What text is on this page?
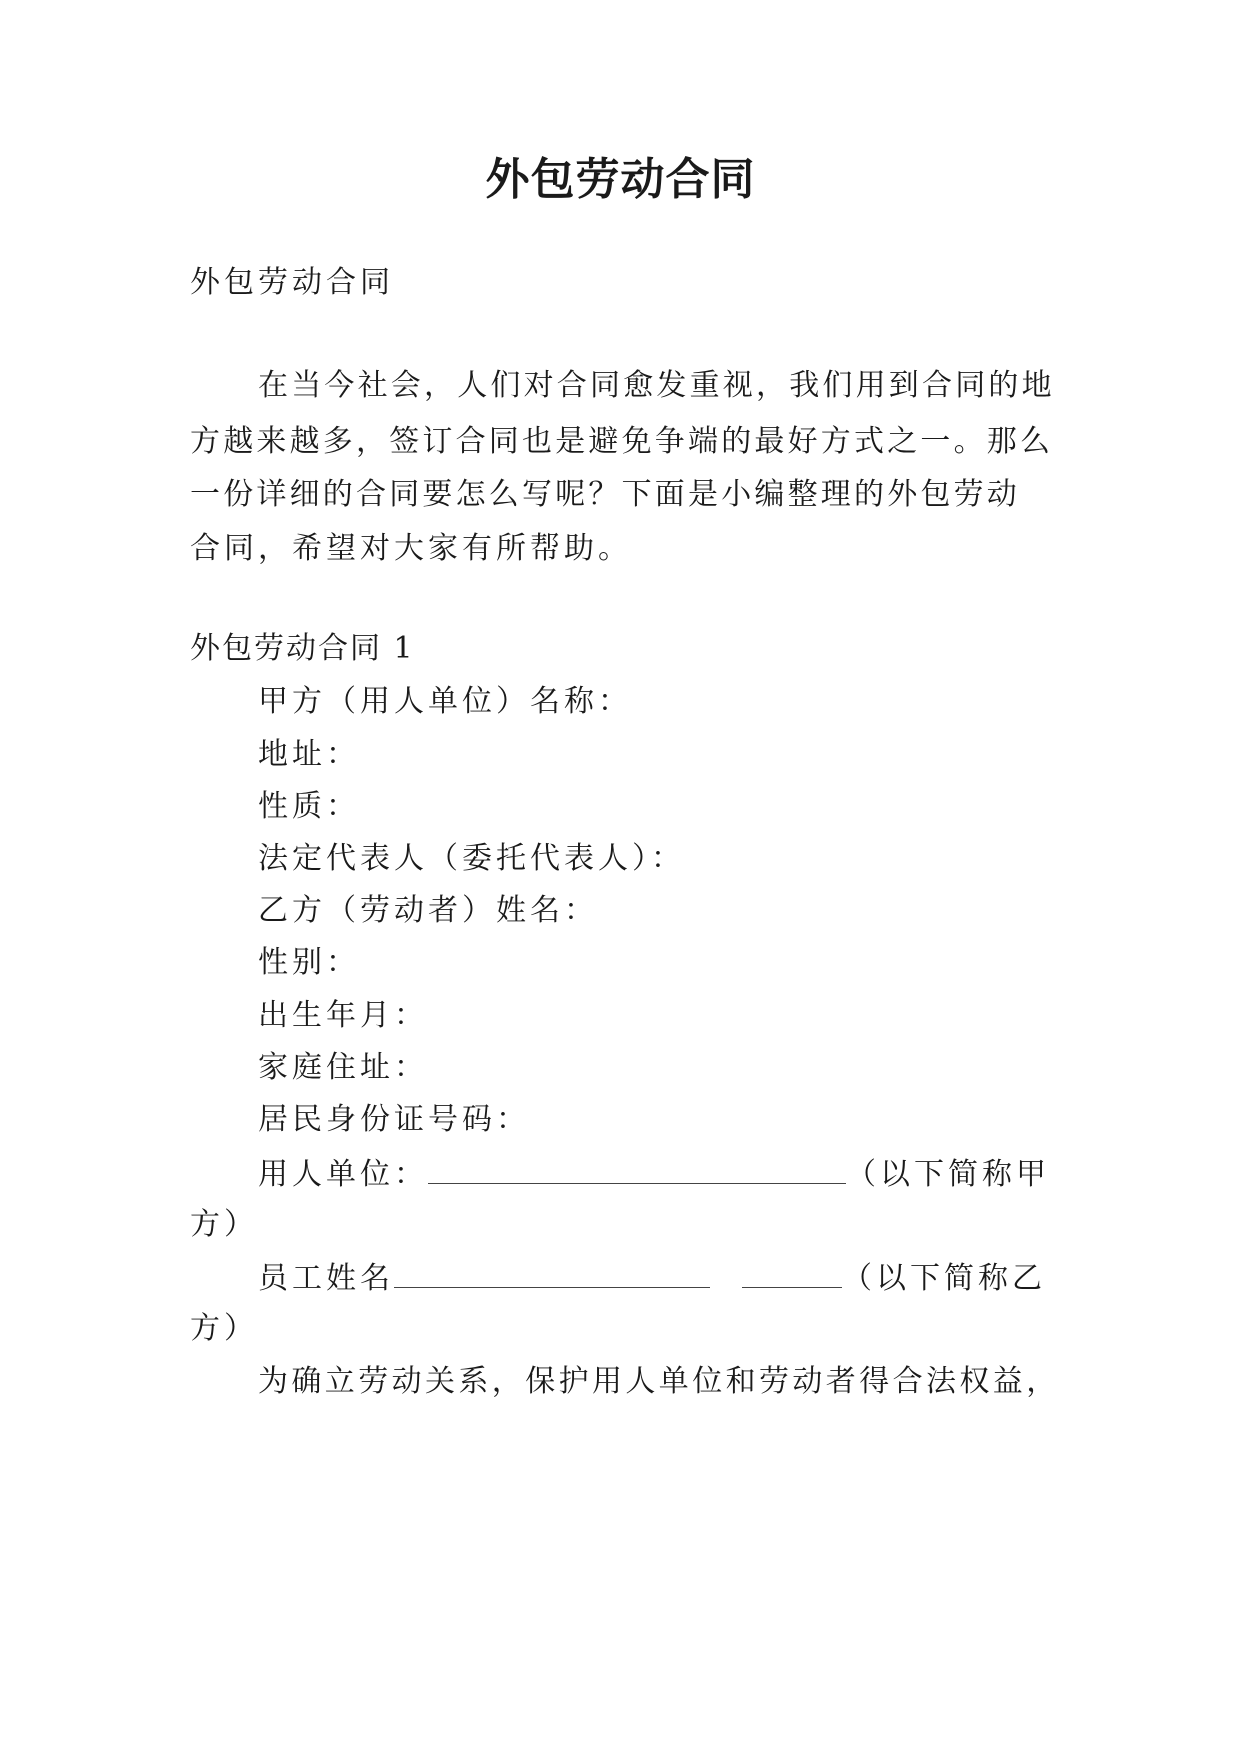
外包劳动合同
外包劳动合同
在当今社会，人们对合同愈发重视，我们用到合同的地
方越来越多，签订合同也是避免争端的最好方式之一。那么
一份详细的合同要怎么写呢？下面是小编整理的外包劳动
合同，希望对大家有所帮助。
外包劳动合同 1
甲方（用人单位）名称：
地址：
性质：
法定代表人（委托代表人）：
乙方（劳动者）姓名：
性别：
出生年月：
家庭住址：
居民身份证号码：
用人单位：	（以下简称甲
方）
员工姓名	（以下简称乙
方）
为确立劳动关系，保护用人单位和劳动者得合法权益，
